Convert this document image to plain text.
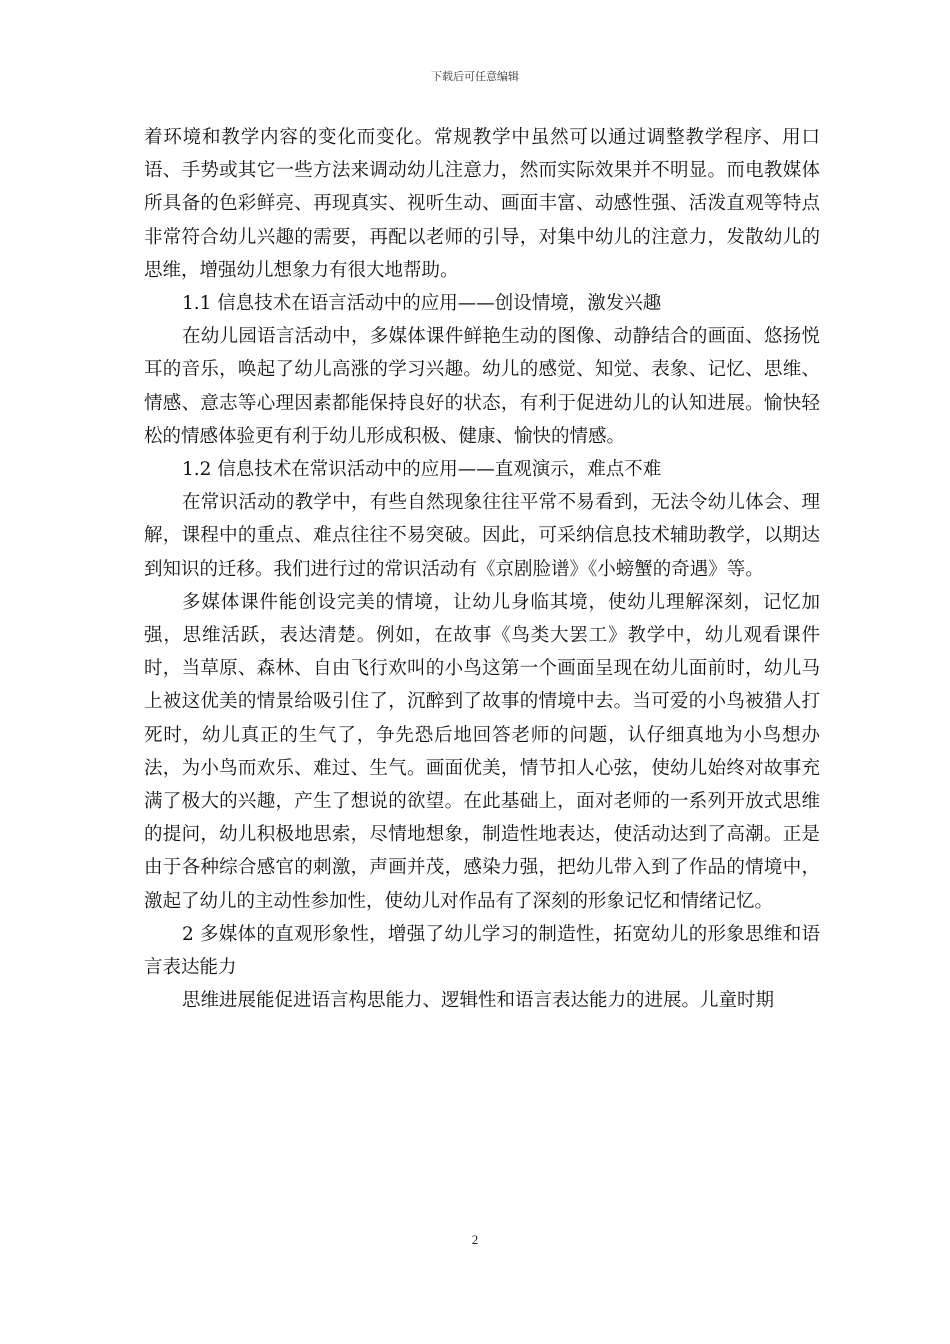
下载后可任意编辑

着环境和教学内容的变化而变化。常规教学中虽然可以通过调整教学程序、用口语、手势或其它一些方法来调动幼儿注意力，然而实际效果并不明显。而电教媒体所具备的色彩鲜亮、再现真实、视听生动、画面丰富、动感性强、活泼直观等特点非常符合幼儿兴趣的需要，再配以老师的引导，对集中幼儿的注意力，发散幼儿的思维，增强幼儿想象力有很大地帮助。

1.1 信息技术在语言活动中的应用——创设情境，激发兴趣

在幼儿园语言活动中，多媒体课件鲜艳生动的图像、动静结合的画面、悠扬悦耳的音乐，唤起了幼儿高涨的学习兴趣。幼儿的感觉、知觉、表象、记忆、思维、情感、意志等心理因素都能保持良好的状态，有利于促进幼儿的认知进展。愉快轻松的情感体验更有利于幼儿形成积极、健康、愉快的情感。

1.2 信息技术在常识活动中的应用——直观演示，难点不难

在常识活动的教学中，有些自然现象往往平常不易看到，无法令幼儿体会、理解，课程中的重点、难点往往不易突破。因此，可采纳信息技术辅助教学，以期达到知识的迁移。我们进行过的常识活动有《京剧脸谱》《小螃蟹的奇遇》等。

多媒体课件能创设完美的情境，让幼儿身临其境，使幼儿理解深刻，记忆加强，思维活跃，表达清楚。例如，在故事《鸟类大罢工》教学中，幼儿观看课件时，当草原、森林、自由飞行欢叫的小鸟这第一个画面呈现在幼儿面前时，幼儿马上被这优美的情景给吸引住了，沉醉到了故事的情境中去。当可爱的小鸟被猎人打死时，幼儿真正的生气了，争先恐后地回答老师的问题，认仔细真地为小鸟想办法，为小鸟而欢乐、难过、生气。画面优美，情节扣人心弦，使幼儿始终对故事充满了极大的兴趣，产生了想说的欲望。在此基础上，面对老师的一系列开放式思维的提问，幼儿积极地思索，尽情地想象，制造性地表达，使活动达到了高潮。正是由于各种综合感官的刺激，声画并茂，感染力强，把幼儿带入到了作品的情境中，激起了幼儿的主动性参加性，使幼儿对作品有了深刻的形象记忆和情绪记忆。

2 多媒体的直观形象性，增强了幼儿学习的制造性，拓宽幼儿的形象思维和语言表达能力

思维进展能促进语言构思能力、逻辑性和语言表达能力的进展。儿童时期

2
